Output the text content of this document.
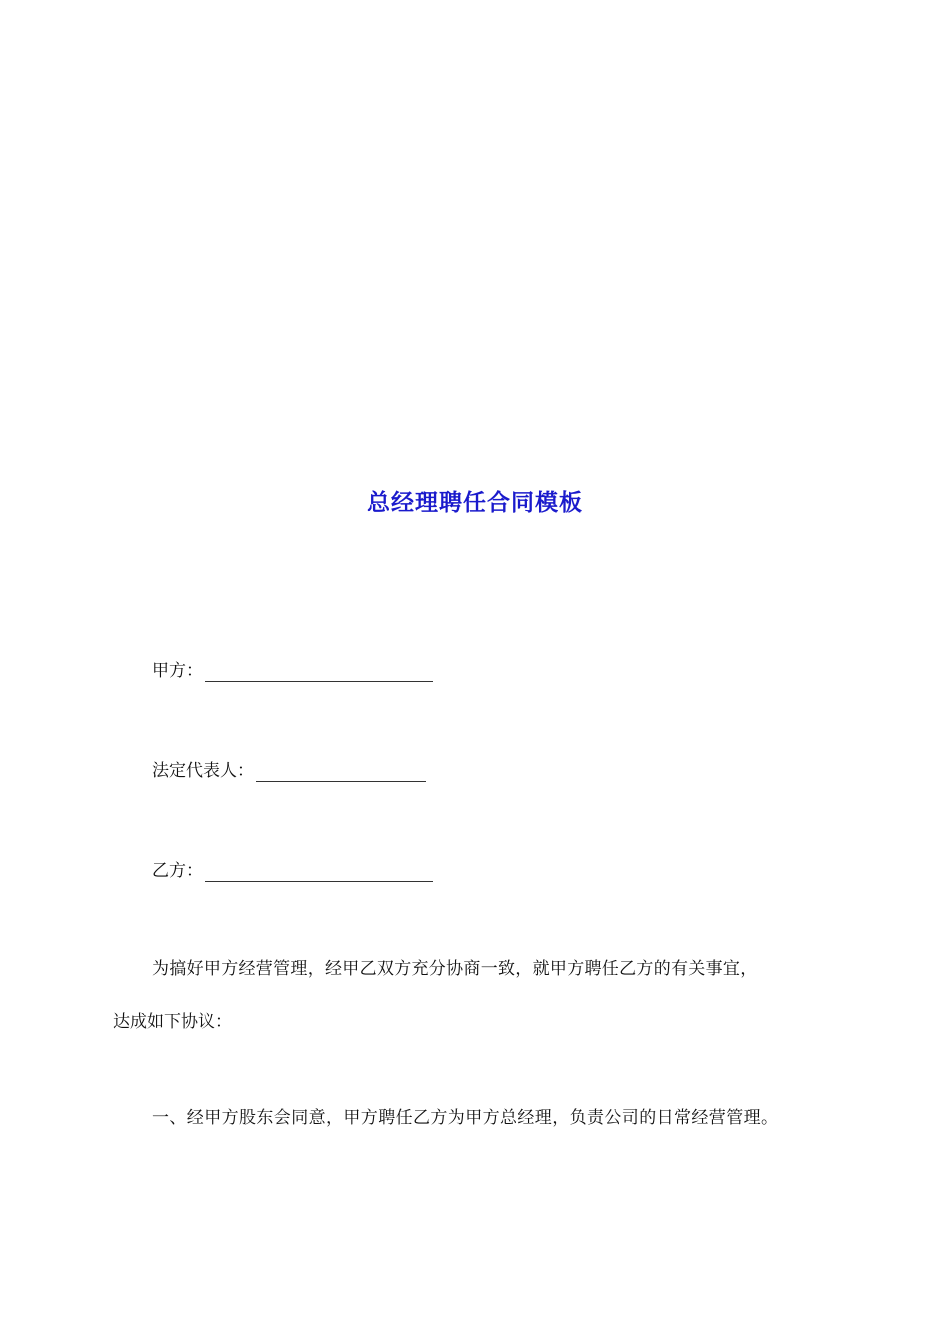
总经理聘任合同模板
甲方：
法定代表人：
乙方：
为搞好甲方经营管理，经甲乙双方充分协商一致，就甲方聘任乙方的有关事宜，
达成如下协议：
一、经甲方股东会同意，甲方聘任乙方为甲方总经理，负责公司的日常经营管理。
